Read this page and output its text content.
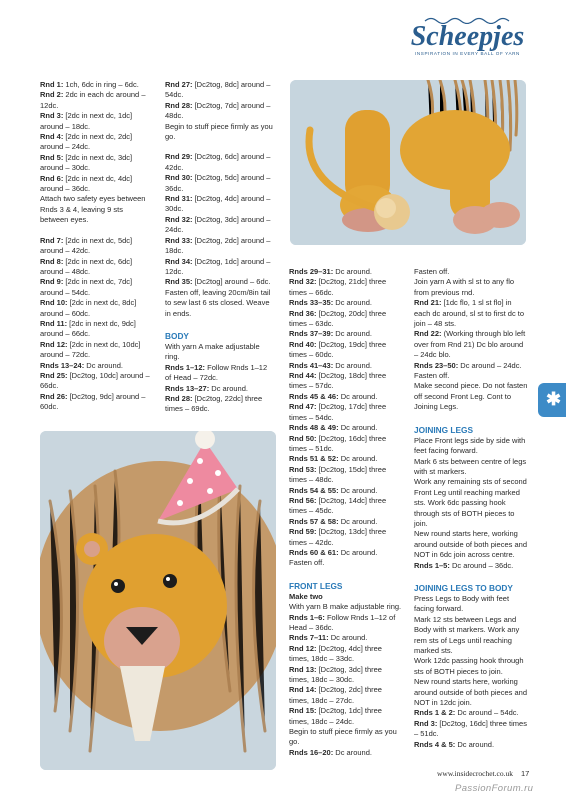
Scheepjes
INSPIRATION IN EVERY BALL OF YARN

Rnd 1: 1ch, 6dc in ring – 6dc.

Rnd 2: 2dc in each dc around – 12dc.

Rnd 3: [2dc in next dc, 1dc] around – 18dc.

Rnd 4: [2dc in next dc, 2dc] around – 24dc.

Rnd 5: [2dc in next dc, 3dc] around – 30dc.

Rnd 6: [2dc in next dc, 4dc] around – 36dc.

Attach two safety eyes between Rnds 3 & 4, leaving 9 sts between eyes.

Rnd 7: [2dc in next dc, 5dc] around – 42dc.

Rnd 8: [2dc in next dc, 6dc] around – 48dc.

Rnd 9: [2dc in next dc, 7dc] around – 54dc.

Rnd 10: [2dc in next dc, 8dc] around – 60dc.

Rnd 11: [2dc in next dc, 9dc] around – 66dc.

Rnd 12: [2dc in next dc, 10dc] around – 72dc.

Rnds 13–24: Dc around.

Rnd 25: [Dc2tog, 10dc] around – 66dc.

Rnd 26: [Dc2tog, 9dc] around – 60dc.

Rnd 27: [Dc2tog, 8dc] around – 54dc.

Rnd 28: [Dc2tog, 7dc] around – 48dc.

Begin to stuff piece firmly as you go.

Rnd 29: [Dc2tog, 6dc] around – 42dc.

Rnd 30: [Dc2tog, 5dc] around – 36dc.

Rnd 31: [Dc2tog, 4dc] around – 30dc.

Rnd 32: [Dc2tog, 3dc] around – 24dc.

Rnd 33: [Dc2tog, 2dc] around – 18dc.

Rnd 34: [Dc2tog, 1dc] around – 12dc.

Rnd 35: [Dc2tog] around – 6dc. Fasten off, leaving 20cm/8in tail to sew last 6 sts closed. Weave in ends.

BODY

With yarn A make adjustable ring.

Rnds 1–12: Follow Rnds 1–12 of Head – 72dc.

Rnds 13–27: Dc around.

Rnd 28: [Dc2tog, 22dc] three times – 69dc.

Rnds 29–31: Dc around.

Rnd 32: [Dc2tog, 21dc] three times – 66dc.

Rnds 33–35: Dc around.

Rnd 36: [Dc2tog, 20dc] three times – 63dc.

Rnds 37–39: Dc around.

Rnd 40: [Dc2tog, 19dc] three times – 60dc.

Rnds 41–43: Dc around.

Rnd 44: [Dc2tog, 18dc] three times – 57dc.

Rnds 45 & 46: Dc around.

Rnd 47: [Dc2tog, 17dc] three times – 54dc.

Rnds 48 & 49: Dc around.

Rnd 50: [Dc2tog, 16dc] three times – 51dc.

Rnds 51 & 52: Dc around.

Rnd 53: [Dc2tog, 15dc] three times – 48dc.

Rnds 54 & 55: Dc around.

Rnd 56: [Dc2tog, 14dc] three times – 45dc.

Rnds 57 & 58: Dc around.

Rnd 59: [Dc2tog, 13dc] three times – 42dc.

Rnds 60 & 61: Dc around.

Fasten off.

FRONT LEGS

Make two

With yarn B make adjustable ring.

Rnds 1–6: Follow Rnds 1–12 of Head – 36dc.

Rnds 7–11: Dc around.

Rnd 12: [Dc2tog, 4dc] three times, 18dc – 33dc.

Rnd 13: [Dc2tog, 3dc] three times, 18dc – 30dc.

Rnd 14: [Dc2tog, 2dc] three times, 18dc – 27dc.

Rnd 15: [Dc2tog, 1dc] three times, 18dc – 24dc.

Begin to stuff piece firmly as you go.

Rnds 16–20: Dc around.

Fasten off.

Join yarn A with sl st to any flo from previous rnd.

Rnd 21: [1dc flo, 1 sl st flo] in each dc around, sl st to first dc to join – 48 sts.

Rnd 22: (Working through blo left over from Rnd 21) Dc blo around – 24dc blo.

Rnds 23–50: Dc around – 24dc.

Fasten off.

Make second piece. Do not fasten off second Front Leg. Cont to Joining Legs.

JOINING LEGS

Place Front legs side by side with feet facing forward.

Mark 6 sts between centre of legs with st markers.

Work any remaining sts of second Front Leg until reaching marked sts. Work 6dc passing hook through sts of BOTH pieces to join.

New round starts here, working around outside of both pieces and NOT in 6dc join across centre.

Rnds 1–5: Dc around – 36dc.

JOINING LEGS TO BODY

Press Legs to Body with feet facing forward.

Mark 12 sts between Legs and Body with st markers. Work any rem sts of Legs until reaching marked sts.

Work 12dc passing hook through sts of BOTH pieces to join.

New round starts here, working around outside of both pieces and NOT in 12dc join.

Rnds 1 & 2: Dc around – 54dc.

Rnd 3: [Dc2tog, 16dc] three times – 51dc.

Rnds 4 & 5: Dc around.

✱
www.insidecrochet.co.uk 17
PassionForum.ru
